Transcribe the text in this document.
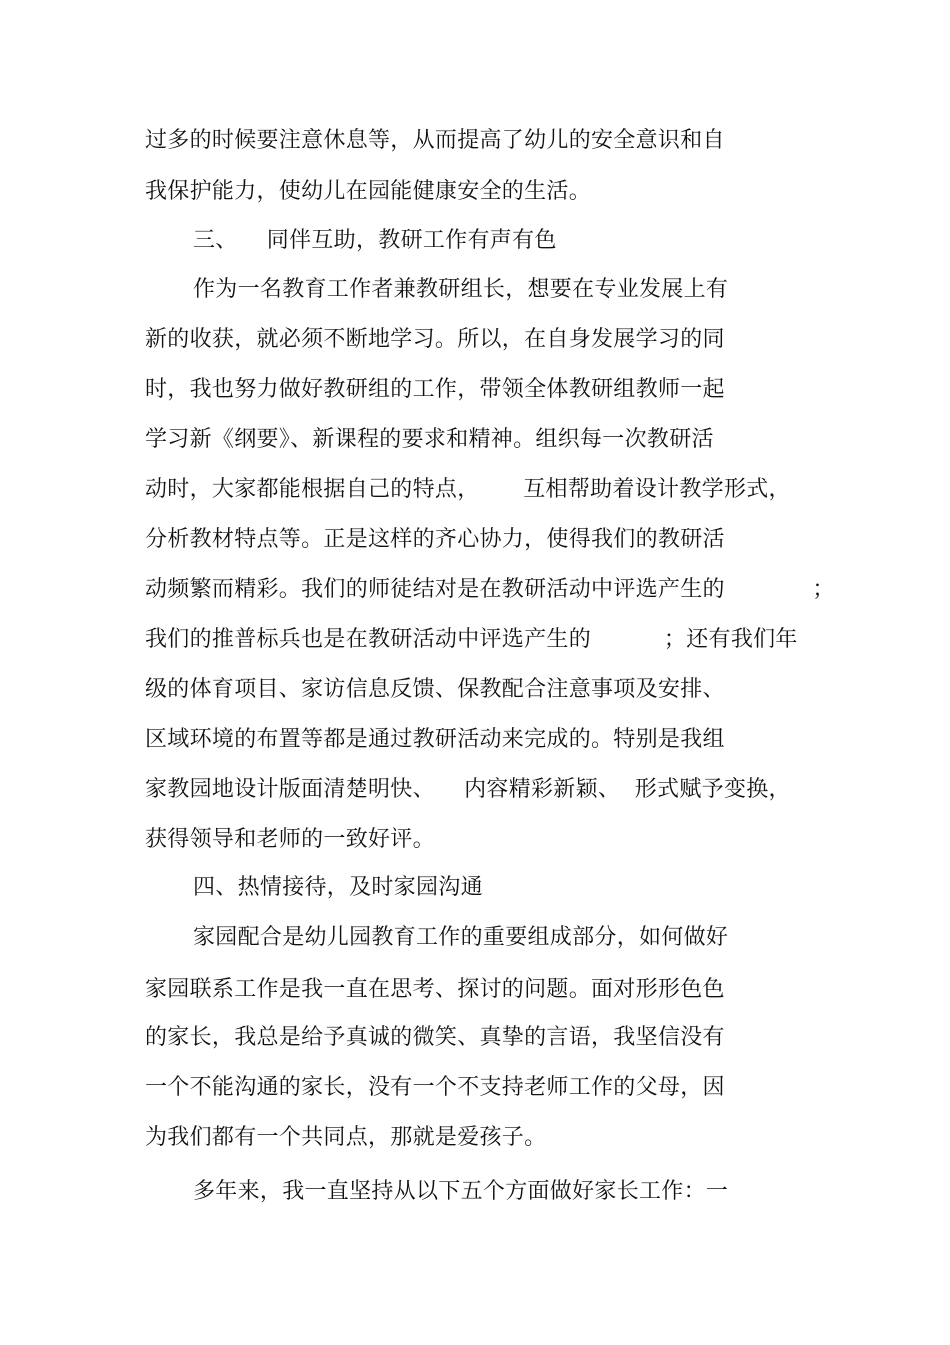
过多的时候要注意休息等，从而提高了幼儿的安全意识和自
我保护能力，使幼儿在园能健康安全的生活。
三、    同伴互助，教研工作有声有色
作为一名教育工作者兼教研组长，想要在专业发展上有
新的收获，就必须不断地学习。所以，在自身发展学习的同
时，我也努力做好教研组的工作，带领全体教研组教师一起
学习新《纲要》、新课程的要求和精神。组织每一次教研活
动时，大家都能根据自己的特点，      互相帮助着设计教学形式，
分析教材特点等。正是这样的齐心协力，使得我们的教研活
动频繁而精彩。我们的师徒结对是在教研活动中评选产生的            ；
我们的推普标兵也是在教研活动中评选产生的          ；还有我们年
级的体育项目、家访信息反馈、保教配合注意事项及安排、
区域环境的布置等都是通过教研活动来完成的。特别是我组
家教园地设计版面清楚明快、    内容精彩新颖、  形式赋予变换，
获得领导和老师的一致好评。
四、热情接待，及时家园沟通
家园配合是幼儿园教育工作的重要组成部分，如何做好
家园联系工作是我一直在思考、探讨的问题。面对形形色色
的家长，我总是给予真诚的微笑、真挚的言语，我坚信没有
一个不能沟通的家长，没有一个不支持老师工作的父母，因
为我们都有一个共同点，那就是爱孩子。
多年来，我一直坚持从以下五个方面做好家长工作：一
